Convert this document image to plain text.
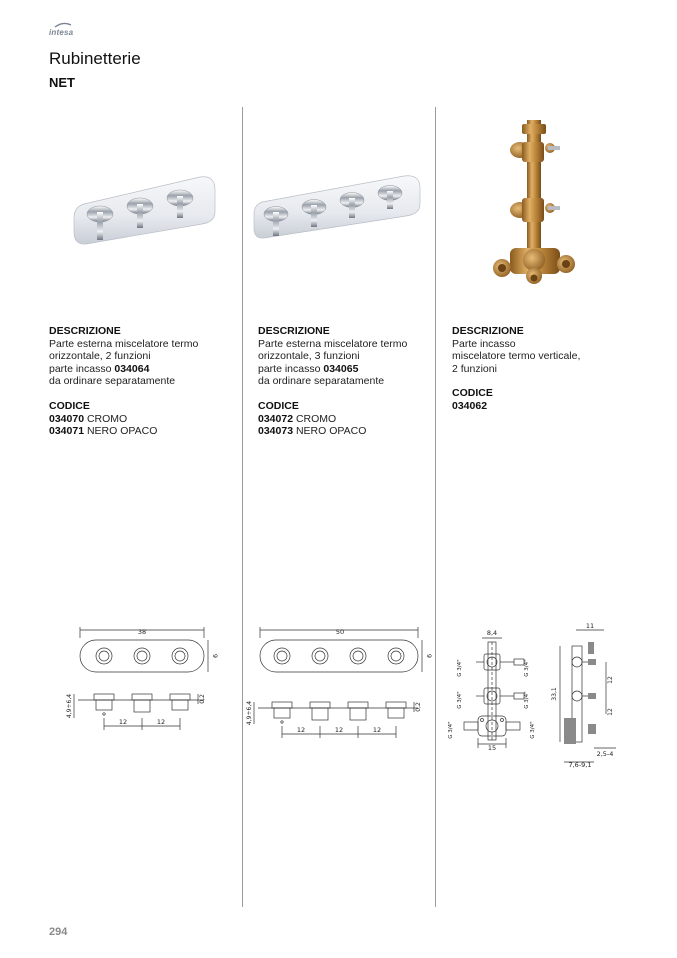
intesa
Rubinetterie
NET
DESCRIZIONE
Parte esterna miscelatore termo
orizzontale, 2 funzioni
parte incasso 034064
da ordinare separatamente
CODICE
034070 CROMO
034071 NERO OPACO
DESCRIZIONE
Parte esterna miscelatore termo
orizzontale, 3 funzioni
parte incasso 034065
da ordinare separatamente
CODICE
034072 CROMO
034073 NERO OPACO
DESCRIZIONE
Parte incasso
miscelatore termo verticale,
2 funzioni
CODICE
034062
38
9
4,9÷6,4	0,2
12	12
50
9
4,9÷6,4	0,2
12	12	12
8,4
15
G 3/4"
G 3/4"
G 3/4"
G 3/4"
G 3/4"
G 3/4"
11
33,1
12
12
2,5-4
7,6-9,1
294
